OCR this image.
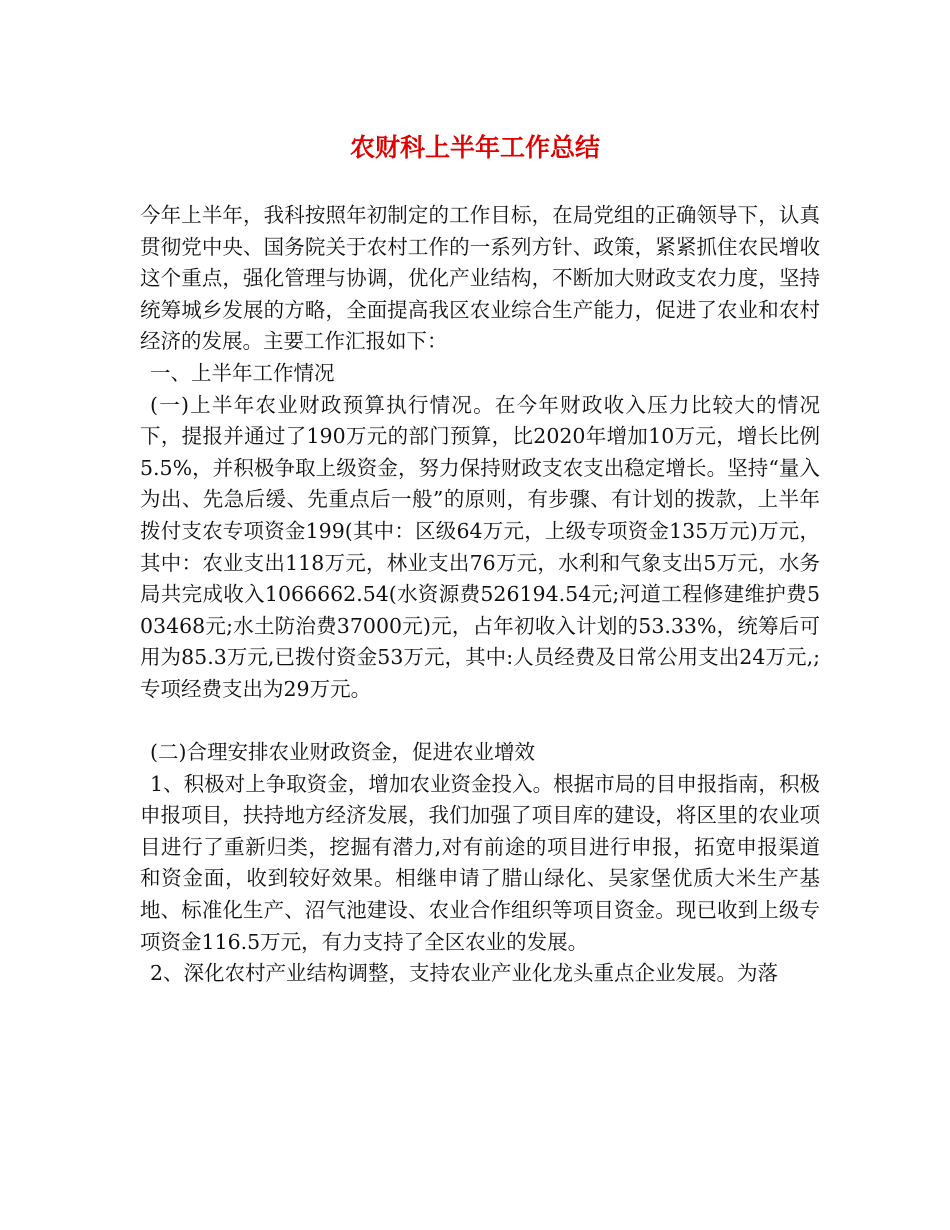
农财科上半年工作总结

今年上半年，我科按照年初制定的工作目标，在局党组的正确领导下，认真贯彻党中央、国务院关于农村工作的一系列方针、政策，紧紧抓住农民增收这个重点，强化管理与协调，优化产业结构，不断加大财政支农力度，坚持统筹城乡发展的方略，全面提高我区农业综合生产能力，促进了农业和农村经济的发展。主要工作汇报如下：

一、上半年工作情况

(一)上半年农业财政预算执行情况。在今年财政收入压力比较大的情况下，提报并通过了190万元的部门预算，比2020年增加10万元，增长比例5.5%，并积极争取上级资金，努力保持财政支农支出稳定增长。坚持“量入为出、先急后缓、先重点后一般”的原则，有步骤、有计划的拨款，上半年拨付支农专项资金199(其中：区级64万元，上级专项资金135万元)万元，其中：农业支出118万元，林业支出76万元，水利和气象支出5万元，水务局共完成收入1066662.54(水资源费526194.54元;河道工程修建维护费503468元;水土防治费37000元)元，占年初收入计划的53.33%，统筹后可用为85.3万元,已拨付资金53万元，其中:人员经费及日常公用支出24万元,;专项经费支出为29万元。

(二)合理安排农业财政资金，促进农业增效

1、积极对上争取资金，增加农业资金投入。根据市局的目申报指南，积极申报项目，扶持地方经济发展，我们加强了项目库的建设，将区里的农业项目进行了重新归类，挖掘有潜力,对有前途的项目进行申报，拓宽申报渠道和资金面，收到较好效果。相继申请了腊山绿化、吴家堡优质大米生产基地、标准化生产、沼气池建设、农业合作组织等项目资金。现已收到上级专项资金116.5万元，有力支持了全区农业的发展。

2、深化农村产业结构调整，支持农业产业化龙头重点企业发展。为落
